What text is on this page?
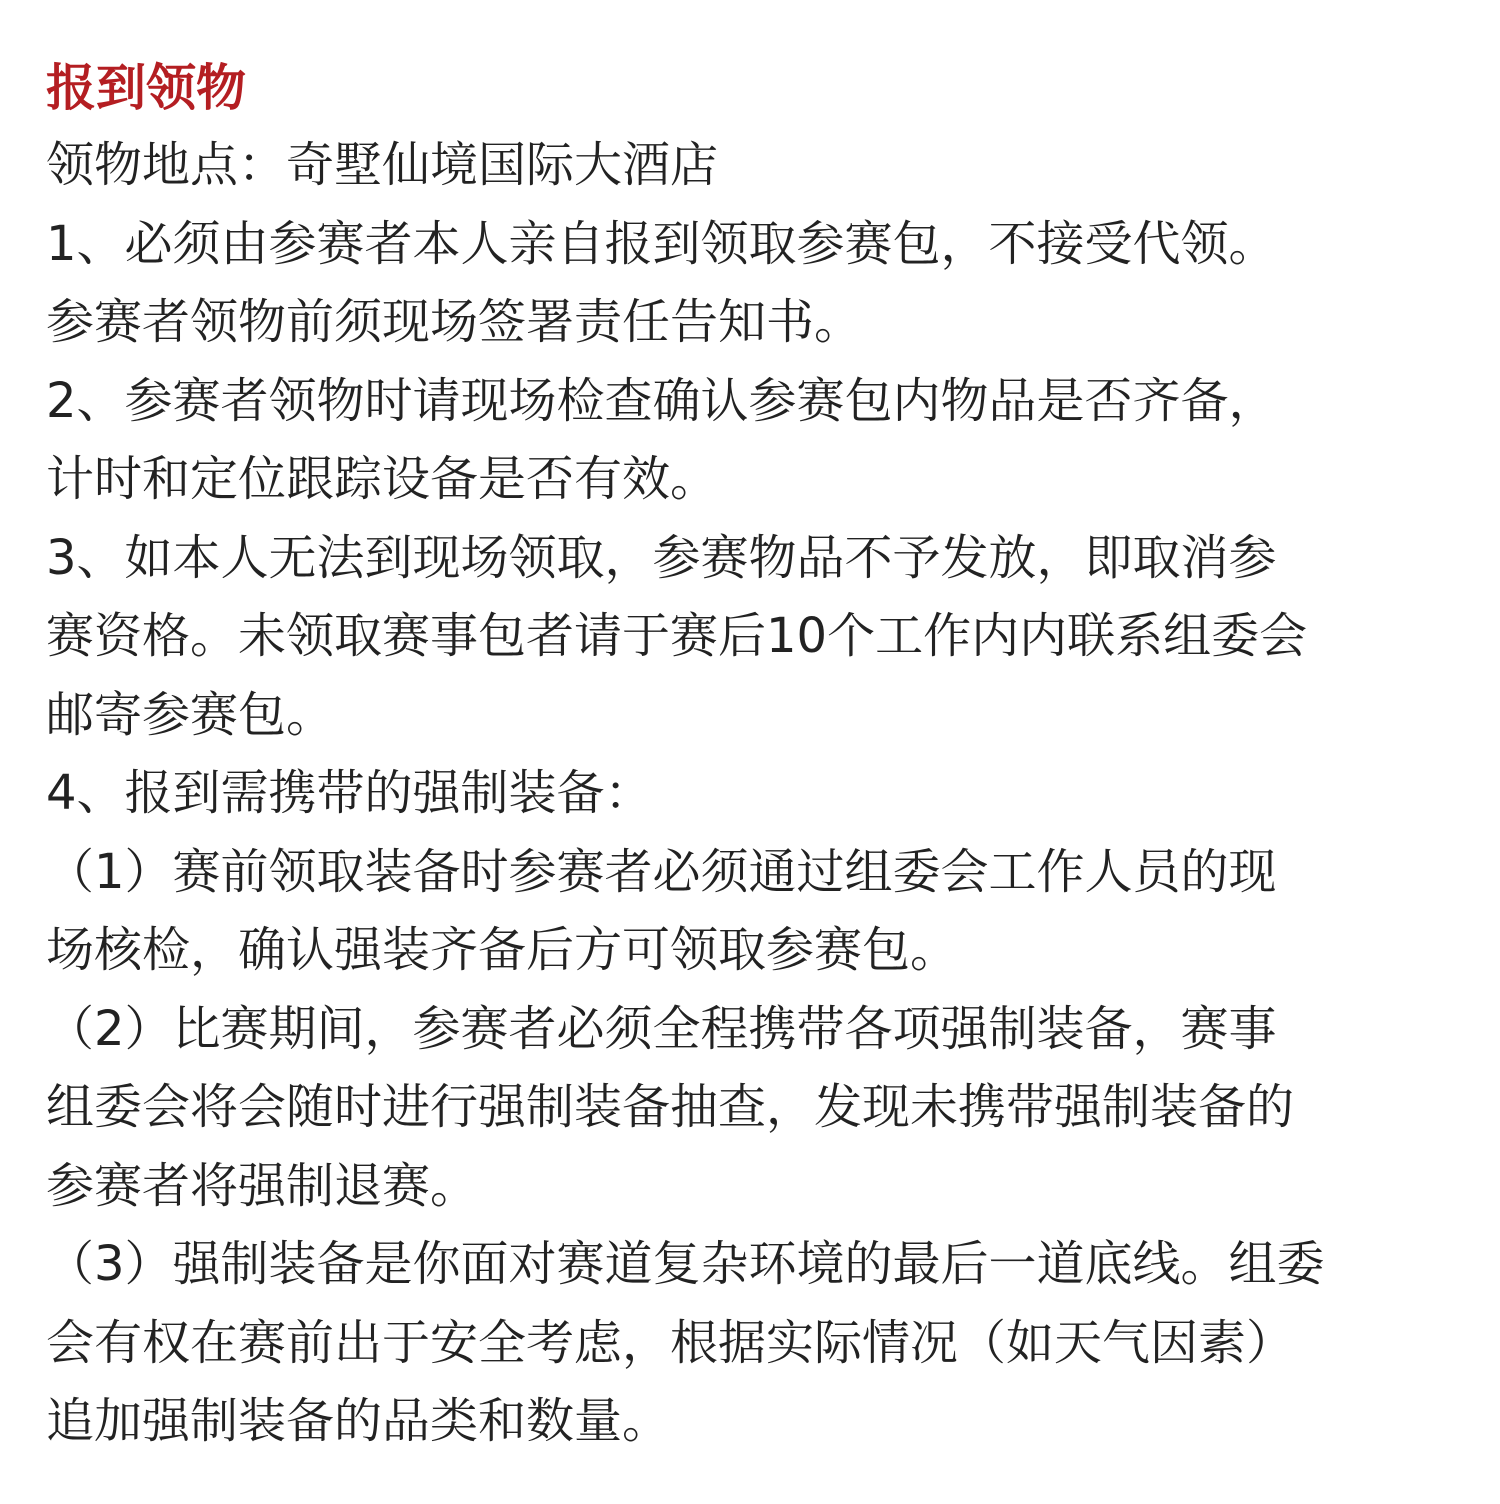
报到领物
领物地点：奇墅仙境国际大酒店
1、必须由参赛者本人亲自报到领取参赛包，不接受代领。
参赛者领物前须现场签署责任告知书。
2、参赛者领物时请现场检查确认参赛包内物品是否齐备，
计时和定位跟踪设备是否有效。
3、如本人无法到现场领取，参赛物品不予发放，即取消参
赛资格。未领取赛事包者请于赛后10个工作内内联系组委会
邮寄参赛包。
4、报到需携带的强制装备：
（1）赛前领取装备时参赛者必须通过组委会工作人员的现
场核检，确认强装齐备后方可领取参赛包。
（2）比赛期间，参赛者必须全程携带各项强制装备，赛事
组委会将会随时进行强制装备抽查，发现未携带强制装备的
参赛者将强制退赛。
（3）强制装备是你面对赛道复杂环境的最后一道底线。组委
会有权在赛前出于安全考虑，根据实际情况（如天气因素）
追加强制装备的品类和数量。
